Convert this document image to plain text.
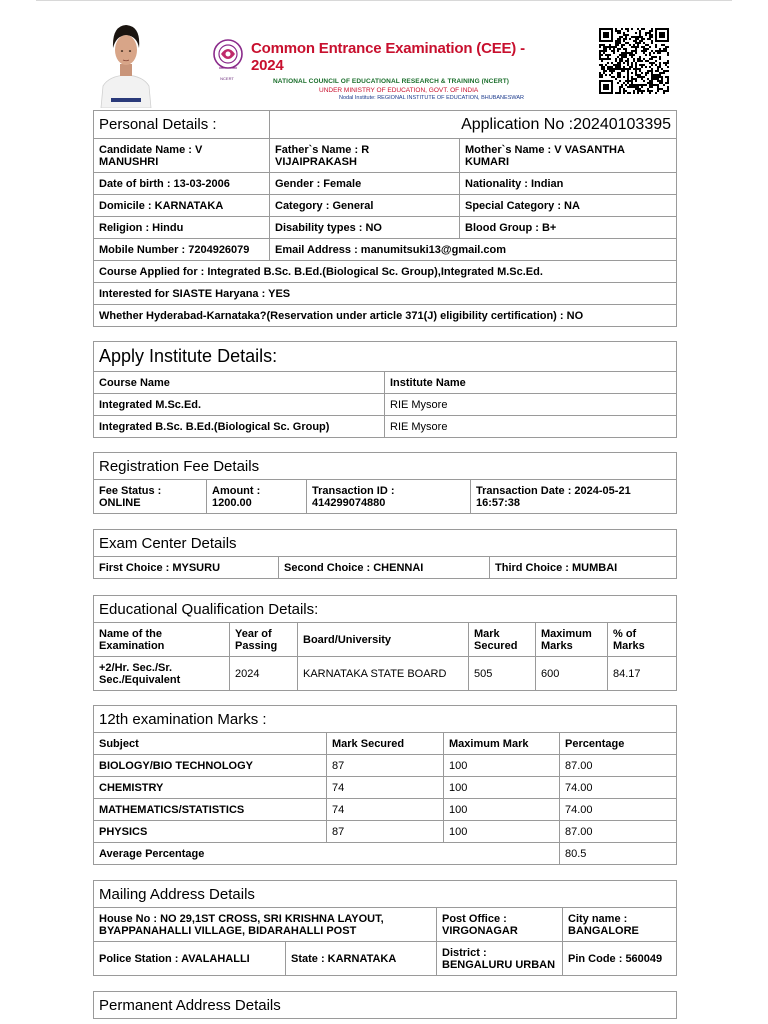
NCERT
Common Entrance Examination (CEE) - 2024
NATIONAL COUNCIL OF EDUCATIONAL RESEARCH & TRAINING (NCERT)
UNDER MINISTRY OF EDUCATION, GOVT. OF INDIA
Nodal Institute: REGIONAL INSTITUTE OF EDUCATION, BHUBANESWAR
Personal Details :	Application No :20240103395	
Candidate Name : V MANUSHRI	Father`s Name : R VIJAIPRAKASH	Mother`s Name : V VASANTHA KUMARI
Date of birth : 13-03-2006	Gender : Female	Nationality : Indian
Domicile : KARNATAKA	Category : General	Special Category : NA
Religion : Hindu	Disability types : NO	Blood Group : B+
Mobile Number : 7204926079	Email Address : manumitsuki13@gmail.com	
Course Applied for : Integrated B.Sc. B.Ed.(Biological Sc. Group),Integrated M.Sc.Ed.		
Interested for SIASTE Haryana : YES		
Whether Hyderabad-Karnataka?(Reservation under article 371(J) eligibility certification) : NO		
Apply Institute Details:	
Course Name	Institute Name
Integrated M.Sc.Ed.	RIE Mysore
Integrated B.Sc. B.Ed.(Biological Sc. Group)	RIE Mysore
Registration Fee Details
Fee Status : ONLINE	Amount : 1200.00	Transaction ID : 414299074880	Transaction Date : 2024-05-21 16:57:38
Exam Center Details
First Choice : MYSURU	Second Choice : CHENNAI	Third Choice : MUMBAI
Educational Qualification Details:					
Name of the Examination	Year of Passing	Board/University	Mark Secured	Maximum Marks	% of Marks
+2/Hr. Sec./Sr. Sec./Equivalent	2024	KARNATAKA STATE BOARD	505	600	84.17
12th examination Marks :			
Subject	Mark Secured	Maximum Mark	Percentage
BIOLOGY/BIO TECHNOLOGY	87	100	87.00
CHEMISTRY	74	100	74.00
MATHEMATICS/STATISTICS	74	100	74.00
PHYSICS	87	100	87.00
Average Percentage			80.5
Mailing Address Details			
House No : NO 29,1ST CROSS, SRI KRISHNA LAYOUT, BYAPPANAHALLI VILLAGE, BIDARAHALLI POST		Post Office : VIRGONAGAR	City name : BANGALORE
Police Station : AVALAHALLI	State : KARNATAKA	District : BENGALURU URBAN	Pin Code : 560049
Permanent Address Details
